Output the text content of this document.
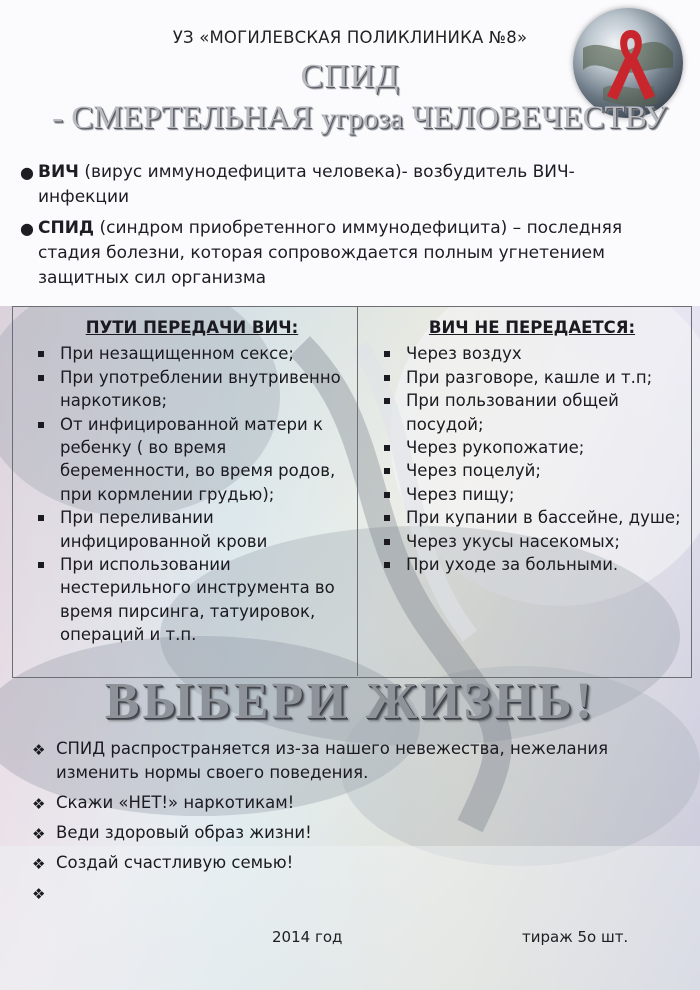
УЗ «МОГИЛЕВСКАЯ ПОЛИКЛИНИКА №8»
СПИД
- СМЕРТЕЛЬНАЯ угроза ЧЕЛОВЕЧЕСТВУ
● ВИЧ (вирус иммунодефицита человека)- возбудитель ВИЧ-инфекции
● СПИД (синдром приобретенного иммунодефицита) – последняя стадия болезни, которая сопровождается полным угнетением защитных сил организма
ПУТИ ПЕРЕДАЧИ ВИЧ:
При незащищенном сексе;
При употреблении внутривенно наркотиков;
От инфицированной матери к ребенку ( во время беременности, во время родов, при кормлении грудью);
При переливании инфицированной крови
При использовании нестерильного инструмента во время пирсинга, татуировок, операций и т.п.
ВИЧ НЕ ПЕРЕДАЕТСЯ:
Через воздух
При разговоре, кашле и т.п;
При пользовании общей посудой;
Через рукопожатие;
Через поцелуй;
Через пищу;
При купании в бассейне, душе;
Через укусы насекомых;
При уходе за больными.
ВЫБЕРИ ЖИЗНЬ!
❖ СПИД распространяется из-за нашего невежества, нежелания изменить нормы своего поведения.
❖ Скажи «НЕТ!» наркотикам!
❖ Веди здоровый образ жизни!
❖ Создай счастливую семью!
❖
2014 год	тираж 5о шт.
